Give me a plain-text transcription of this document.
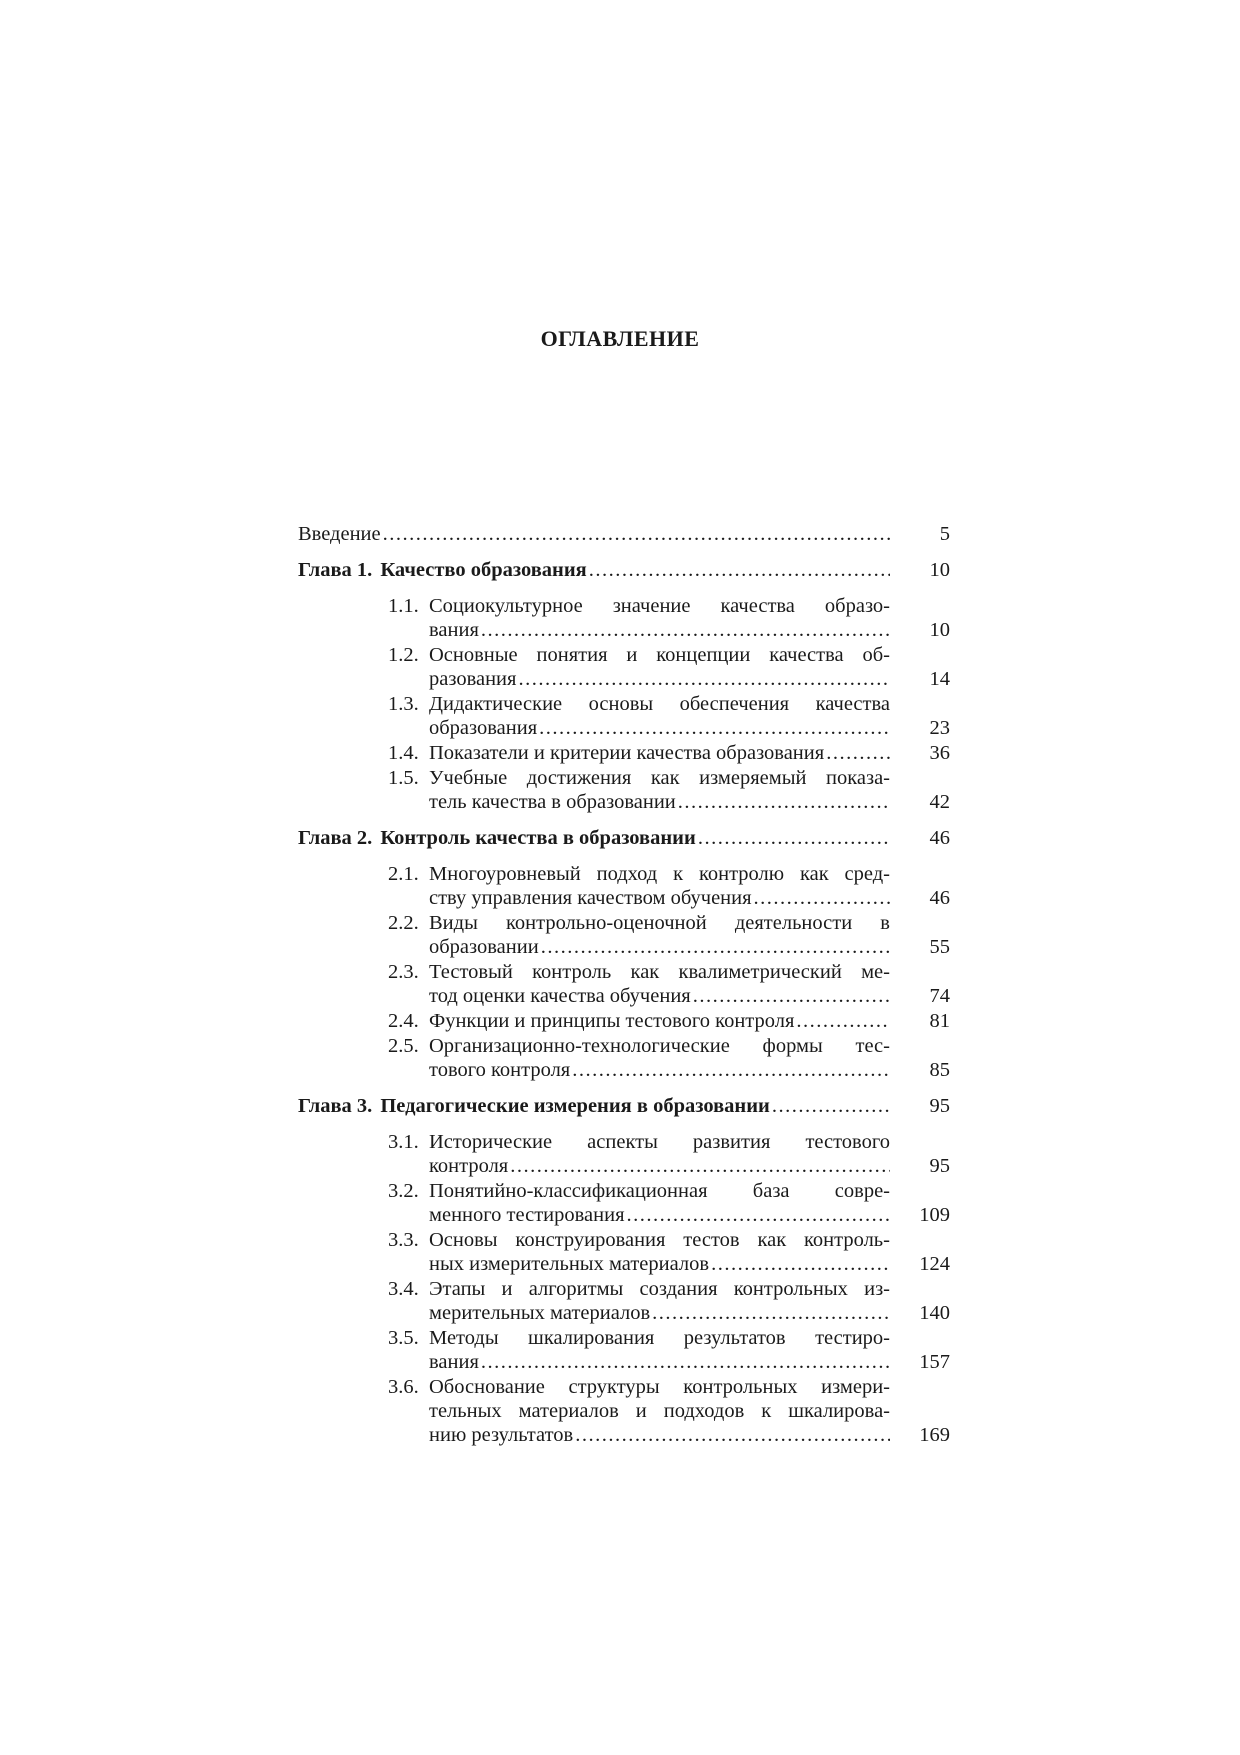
ОГЛАВЛЕНИЕ
Введение .....	5
Глава 1. Качество образования .....	10
1.1. Социокультурное значение качества образо-
вания .....	10
1.2. Основные понятия и концепции качества об-
разования .....	14
1.3. Дидактические основы обеспечения качества
образования .....	23
1.4. Показатели и критерии качества образования .....	36
1.5. Учебные достижения как измеряемый показа-
тель качества в образовании .....	42
Глава 2. Контроль качества в образовании .....	46
2.1. Многоуровневый подход к контролю как сред-
ству управления качеством обучения .....	46
2.2. Виды контрольно-оценочной деятельности в
образовании .....	55
2.3. Тестовый контроль как квалиметрический ме-
тод оценки качества обучения .....	74
2.4. Функции и принципы тестового контроля .....	81
2.5. Организационно-технологические формы тес-
тового контроля .....	85
Глава 3. Педагогические измерения в образовании .....	95
3.1. Исторические аспекты развития тестового
контроля .....	95
3.2. Понятийно-классификационная база совре-
менного тестирования .....	109
3.3. Основы конструирования тестов как контроль-
ных измерительных материалов .....	124
3.4. Этапы и алгоритмы создания контрольных из-
мерительных материалов .....	140
3.5. Методы шкалирования результатов тестиро-
вания .....	157
3.6. Обоснование структуры контрольных измери-
тельных материалов и подходов к шкалирова-
нию результатов .....	169
